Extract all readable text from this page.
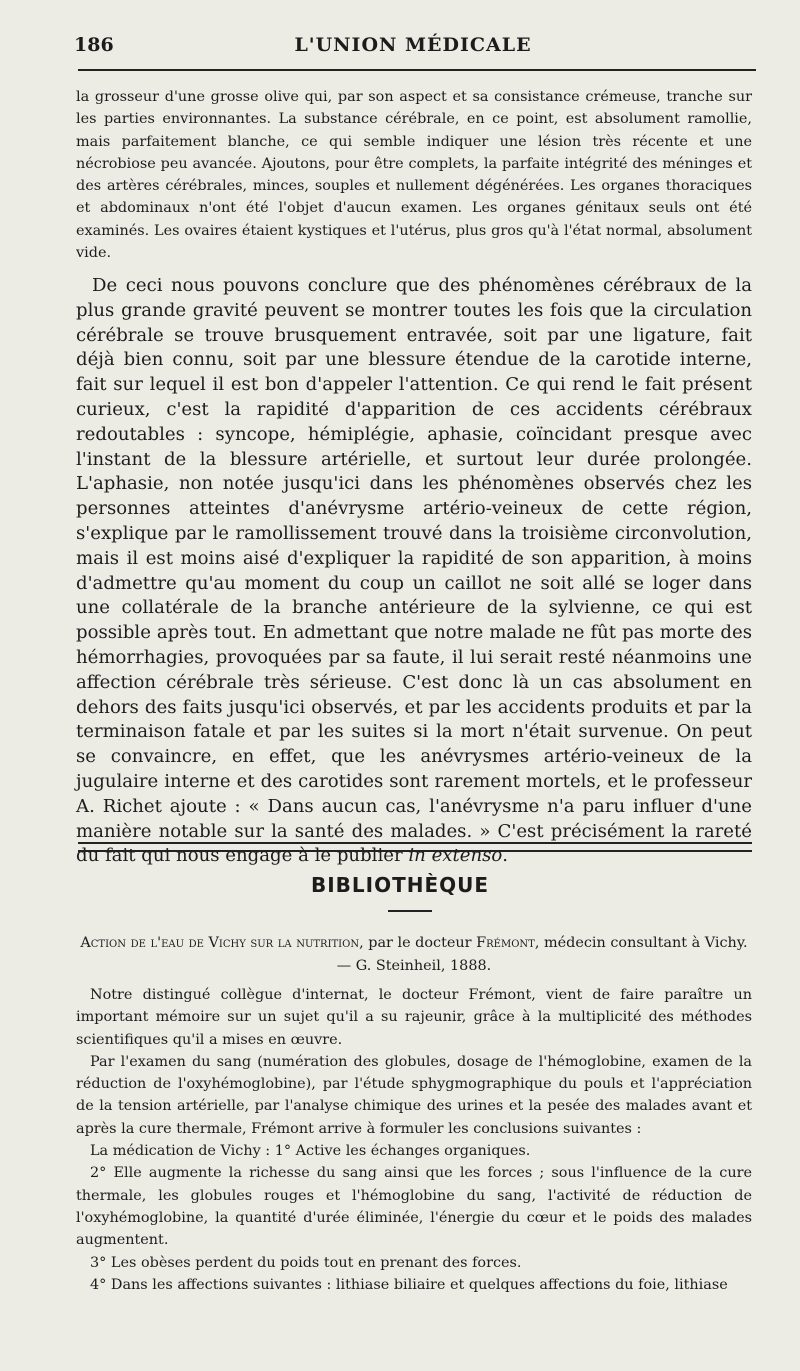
186	L'UNION MÉDICALE

la grosseur d'une grosse olive qui, par son aspect et sa consistance crémeuse, tranche sur les parties environnantes. La substance cérébrale, en ce point, est absolument ramollie, mais parfaitement blanche, ce qui semble indiquer une lésion très récente et une nécrobiose peu avancée. Ajoutons, pour être complets, la parfaite intégrité des méninges et des artères cérébrales, minces, souples et nullement dégénérées. Les organes thoraciques et abdominaux n'ont été l'objet d'aucun examen. Les organes génitaux seuls ont été examinés. Les ovaires étaient kystiques et l'utérus, plus gros qu'à l'état normal, absolument vide.

De ceci nous pouvons conclure que des phénomènes cérébraux de la plus grande gravité peuvent se montrer toutes les fois que la circulation cérébrale se trouve brusquement entravée, soit par une ligature, fait déjà bien connu, soit par une blessure étendue de la carotide interne, fait sur lequel il est bon d'appeler l'attention. Ce qui rend le fait présent curieux, c'est la rapidité d'apparition de ces accidents cérébraux redoutables : syncope, hémiplégie, aphasie, coïncidant presque avec l'instant de la blessure artérielle, et surtout leur durée prolongée. L'aphasie, non notée jusqu'ici dans les phénomènes observés chez les personnes atteintes d'anévrysme artério-veineux de cette région, s'explique par le ramollissement trouvé dans la troisième circonvolution, mais il est moins aisé d'expliquer la rapidité de son apparition, à moins d'admettre qu'au moment du coup un caillot ne soit allé se loger dans une collatérale de la branche antérieure de la sylvienne, ce qui est possible après tout. En admettant que notre malade ne fût pas morte des hémorrhagies, provoquées par sa faute, il lui serait resté néanmoins une affection cérébrale très sérieuse. C'est donc là un cas absolument en dehors des faits jusqu'ici observés, et par les accidents produits et par la terminaison fatale et par les suites si la mort n'était survenue. On peut se convaincre, en effet, que les anévrysmes artério-veineux de la jugulaire interne et des carotides sont rarement mortels, et le professeur A. Richet ajoute : « Dans aucun cas, l'anévrysme n'a paru influer d'une manière notable sur la santé des malades. » C'est précisément la rareté du fait qui nous engage à le publier in extenso.

BIBLIOTHÈQUE
Action de l'eau de Vichy sur la nutrition, par le docteur Frémont, médecin consultant à Vichy. — G. Steinheil, 1888.

Notre distingué collègue d'internat, le docteur Frémont, vient de faire paraître un important mémoire sur un sujet qu'il a su rajeunir, grâce à la multiplicité des méthodes scientifiques qu'il a mises en œuvre.

Par l'examen du sang (numération des globules, dosage de l'hémoglobine, examen de la réduction de l'oxyhémoglobine), par l'étude sphygmographique du pouls et l'appréciation de la tension artérielle, par l'analyse chimique des urines et la pesée des malades avant et après la cure thermale, Frémont arrive à formuler les conclusions suivantes :

La médication de Vichy : 1° Active les échanges organiques.

2° Elle augmente la richesse du sang ainsi que les forces ; sous l'influence de la cure thermale, les globules rouges et l'hémoglobine du sang, l'activité de réduction de l'oxyhémoglobine, la quantité d'urée éliminée, l'énergie du cœur et le poids des malades augmentent.

3° Les obèses perdent du poids tout en prenant des forces.

4° Dans les affections suivantes : lithiase biliaire et quelques affections du foie, lithiase
